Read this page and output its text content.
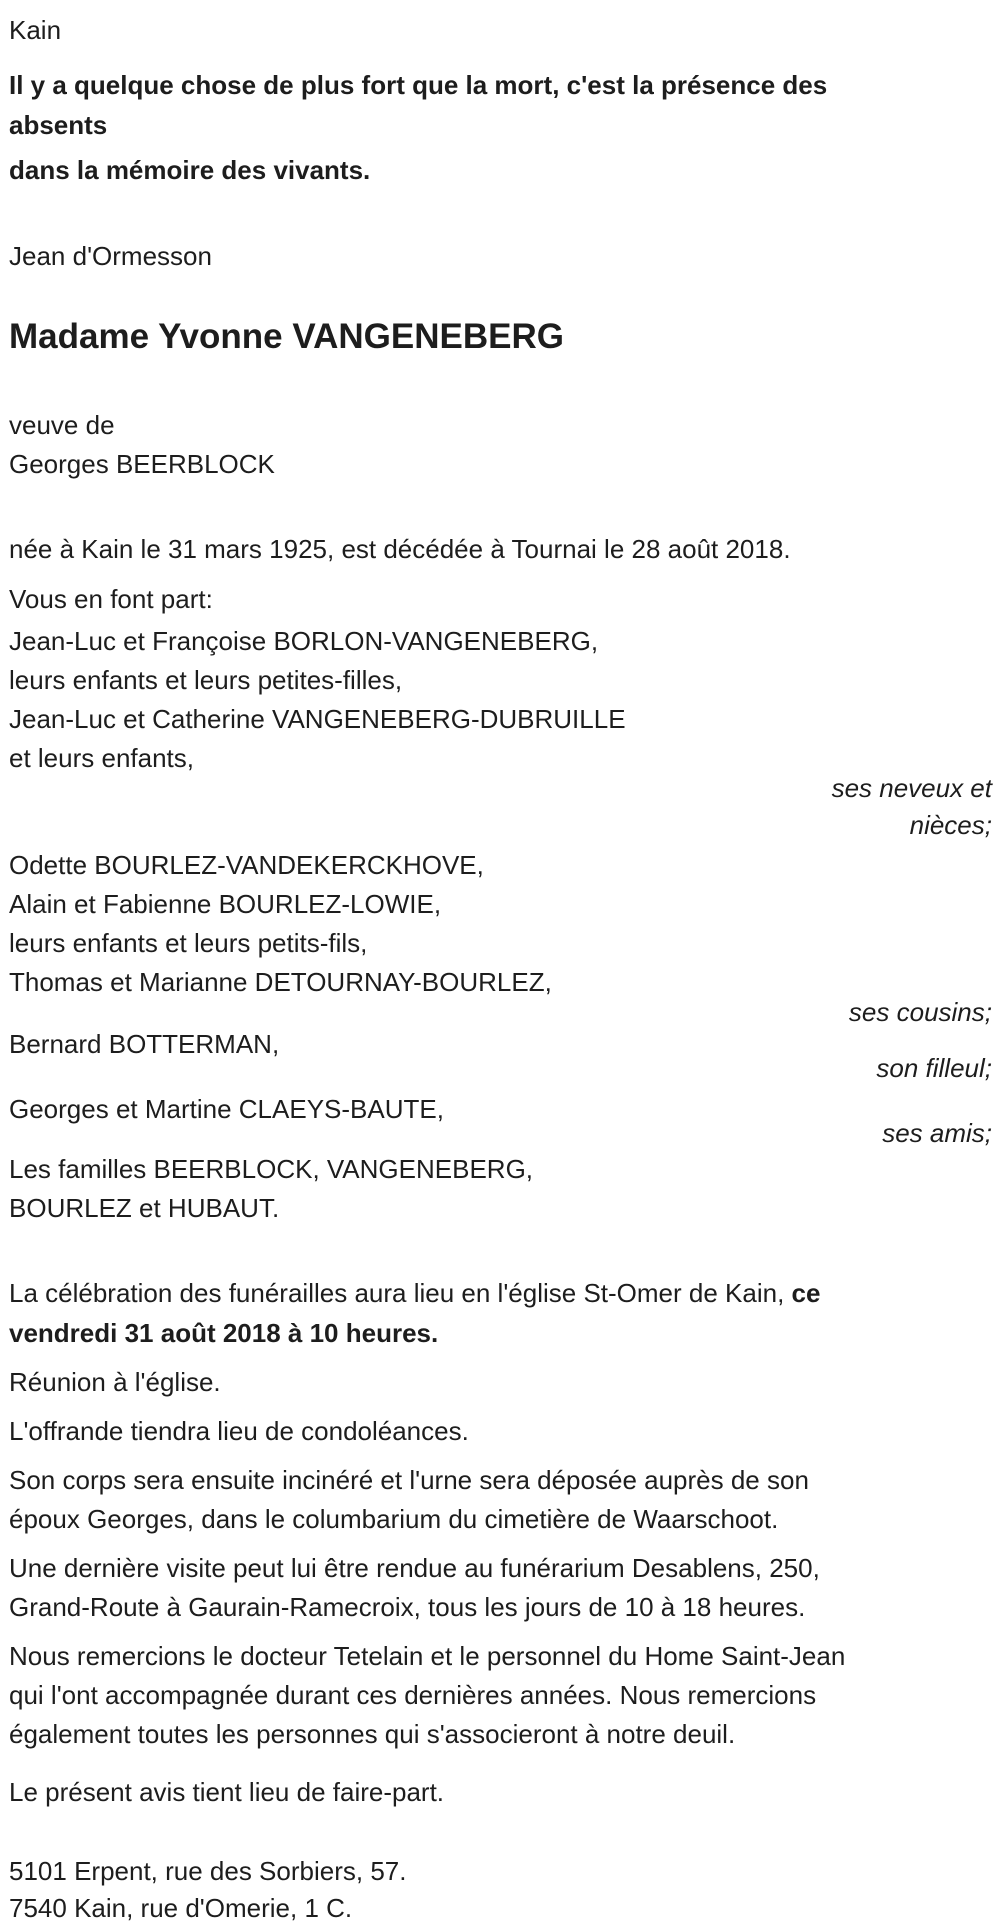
Kain
Il y a quelque chose de plus fort que la mort, c'est la présence des absents
dans la mémoire des vivants.
Jean d'Ormesson
Madame Yvonne VANGENEBERG
veuve de
Georges BEERBLOCK
née à Kain le 31 mars 1925, est décédée à Tournai le 28 août 2018.
Vous en font part:
Jean-Luc et Françoise BORLON-VANGENEBERG,
leurs enfants et leurs petites-filles,
Jean-Luc et Catherine VANGENEBERG-DUBRUILLE
et leurs enfants,
ses neveux et
nièces;
Odette BOURLEZ-VANDEKERCKHOVE,
Alain et Fabienne BOURLEZ-LOWIE,
leurs enfants et leurs petits-fils,
Thomas et Marianne DETOURNAY-BOURLEZ,
ses cousins;
Bernard BOTTERMAN,
son filleul;
Georges et Martine CLAEYS-BAUTE,
ses amis;
Les familles BEERBLOCK, VANGENEBERG,
BOURLEZ et HUBAUT.
La célébration des funérailles aura lieu en l'église St-Omer de Kain, ce vendredi 31 août 2018 à 10 heures.
Réunion à l'église.
L'offrande tiendra lieu de condoléances.
Son corps sera ensuite incinéré et l'urne sera déposée auprès de son époux Georges, dans le columbarium du cimetière de Waarschoot.
Une dernière visite peut lui être rendue au funérarium Desablens, 250, Grand-Route à Gaurain-Ramecroix, tous les jours de 10 à 18 heures.
Nous remercions le docteur Tetelain et le personnel du Home Saint-Jean qui l'ont accompagnée durant ces dernières années. Nous remercions également toutes les personnes qui s'associeront à notre deuil.
Le présent avis tient lieu de faire-part.
5101 Erpent, rue des Sorbiers, 57.
7540 Kain, rue d'Omerie, 1 C.
